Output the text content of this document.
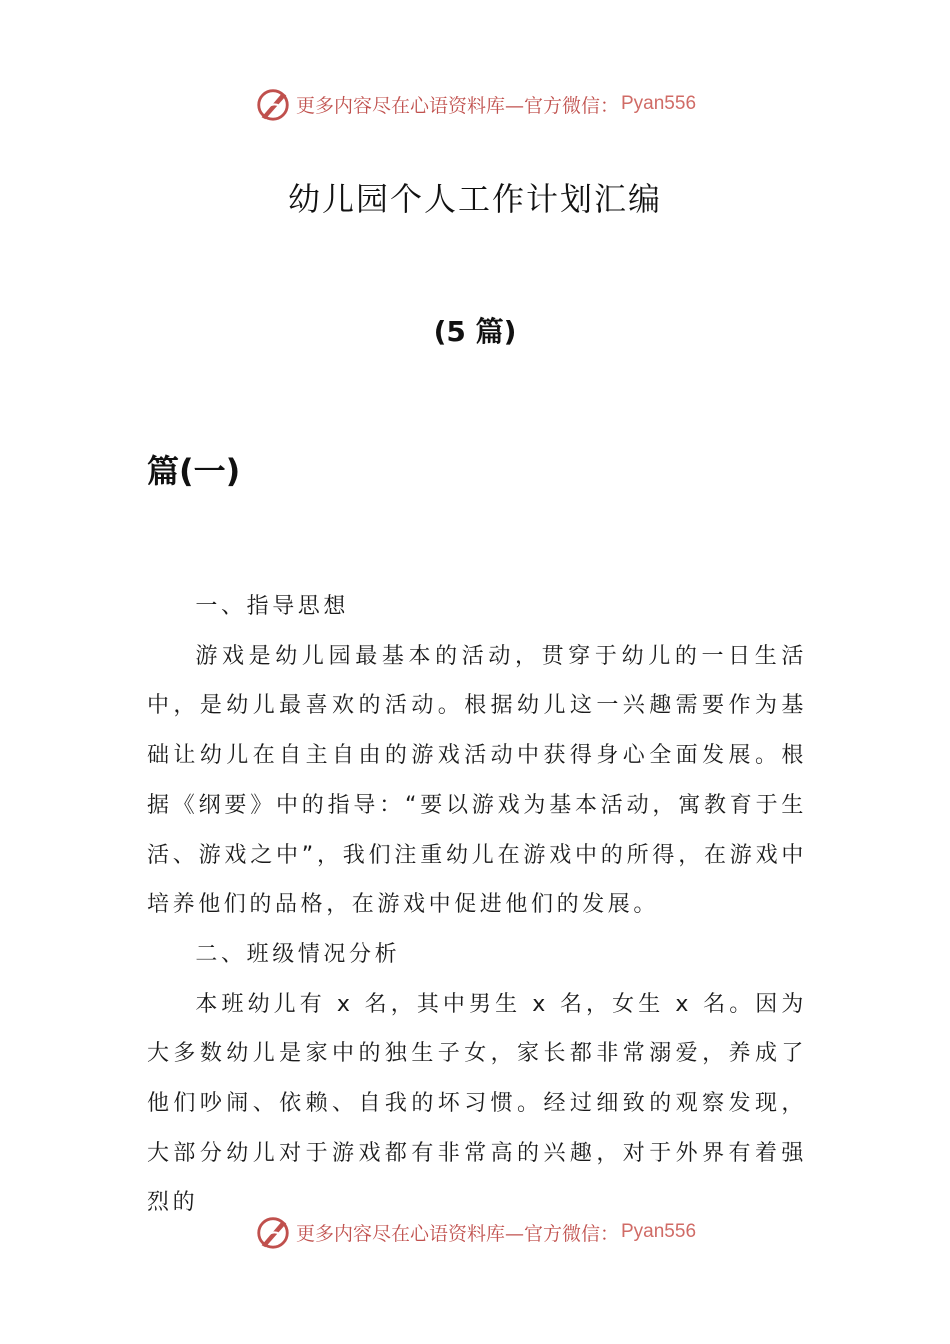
更多内容尽在心语资料库—官方微信： Pyan556
幼儿园个人工作计划汇编
(5 篇)
篇(一)

一、指导思想

游戏是幼儿园最基本的活动，贯穿于幼儿的一日生活中，是幼儿最喜欢的活动。根据幼儿这一兴趣需要作为基础让幼儿在自主自由的游戏活动中获得身心全面发展。根据《纲要》中的指导：“要以游戏为基本活动，寓教育于生活、游戏之中”，我们注重幼儿在游戏中的所得，在游戏中培养他们的品格，在游戏中促进他们的发展。

二、班级情况分析

本班幼儿有 x 名，其中男生 x 名，女生 x 名。因为大多数幼儿是家中的独生子女，家长都非常溺爱，养成了他们吵闹、依赖、自我的坏习惯。经过细致的观察发现，大部分幼儿对于游戏都有非常高的兴趣，对于外界有着强烈的

更多内容尽在心语资料库—官方微信： Pyan556
